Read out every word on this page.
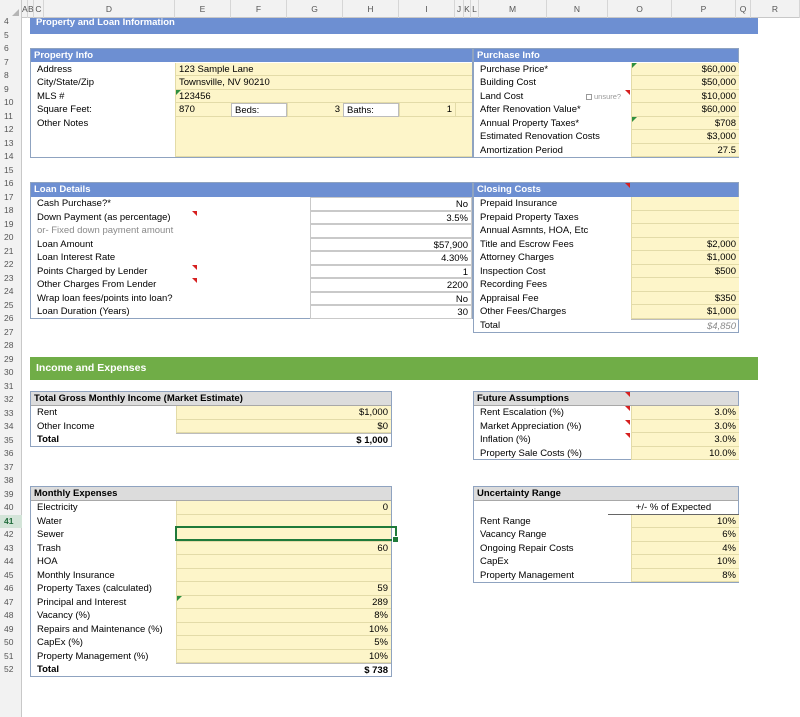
A B C	D	E	F	G	H	I	J K L	M	N	O	P	Q	R
4
5
6
7
8
9
10
11
12
13
14
15
16
17
18
19
20
21
22
23
24
25
26
27
28
29
30
31
32
33
34
35
36
37
38
39
40
41
42
43
44
45
46
47
48
49
50
51
52
Property and Loan Information
Property Info
Address	123 Sample Lane
City/State/Zip	Townsville, NV 90210
MLS #	123456
Square Feet:	870	Beds:	3 Baths:	1
Other Notes
Purchase Info
Purchase Price*	$60,000
Building Cost	$50,000
Land Cost	$10,000
After Renovation Value*	$60,000
Annual Property Taxes*	$708
Estimated Renovation Costs	$3,000
Amortization Period	27.5
unsure?
Loan Details
Cash Purchase?*	No
Down Payment (as percentage)	3.5%
or- Fixed down payment amount
Loan Amount	$57,900
Loan Interest Rate	4.30%
Points Charged by Lender	1
Other Charges From Lender	2200
Wrap loan fees/points into loan?	No
Loan Duration (Years)	30
Closing Costs
Prepaid Insurance
Prepaid Property Taxes
Annual Asmnts, HOA, Etc
Title and Escrow Fees	$2,000
Attorney Charges	$1,000
Inspection Cost	$500
Recording Fees
Appraisal Fee	$350
Other Fees/Charges	$1,000
Total	$4,850
Income and Expenses
Total Gross Monthly Income (Market Estimate)
Rent	$1,000
Other Income	$0
Total	$ 1,000
Future Assumptions
Rent Escalation (%)	3.0%
Market Appreciation (%)	3.0%
Inflation (%)	3.0%
Property Sale Costs (%)	10.0%
Monthly Expenses
Electricity	0
Water
Sewer
Trash	60
HOA
Monthly Insurance
Property Taxes (calculated)	59
Principal and Interest	289
Vacancy (%)	8%
Repairs and Maintenance (%)	10%
CapEx (%)	5%
Property Management (%)	10%
Total	$ 738
Uncertainty Range
+/- % of Expected
Rent Range	10%
Vacancy Range	6%
Ongoing Repair Costs	4%
CapEx	10%
Property Management	8%
